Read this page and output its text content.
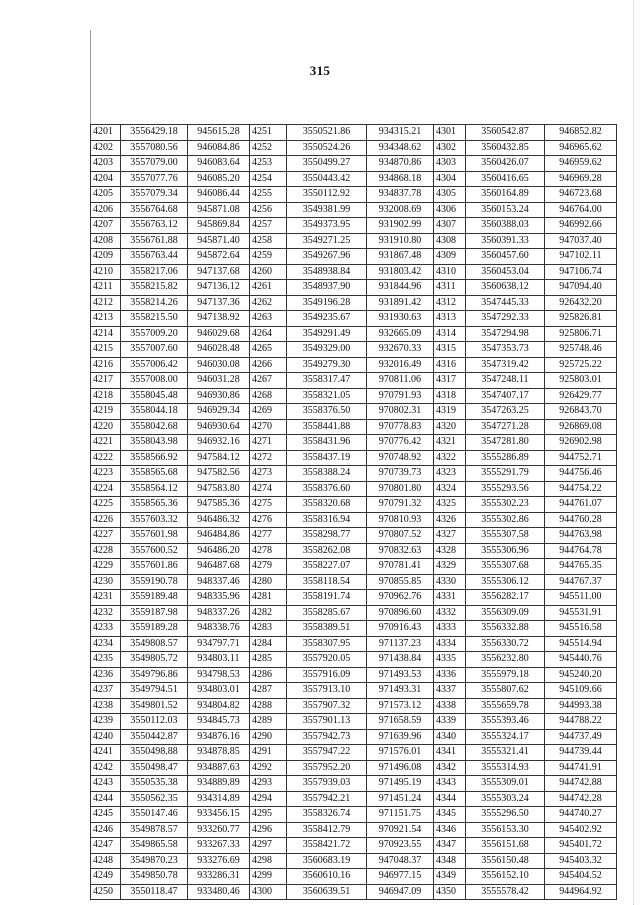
315
4201	3556429.18	945615.28	4251	3550521.86	934315.21	4301	3560542.87	946852.82
4202	3557080.56	946084.86	4252	3550524.26	934348.62	4302	3560432.85	946965.62
4203	3557079.00	946083.64	4253	3550499.27	934870.86	4303	3560426.07	946959.62
4204	3557077.76	946085.20	4254	3550443.42	934868.18	4304	3560416.65	946969.28
4205	3557079.34	946086.44	4255	3550112.92	934837.78	4305	3560164.89	946723.68
4206	3556764.68	945871.08	4256	3549381.99	932008.69	4306	3560153.24	946764.00
4207	3556763.12	945869.84	4257	3549373.95	931902.99	4307	3560388.03	946992.66
4208	3556761.88	945871.40	4258	3549271.25	931910.80	4308	3560391.33	947037.40
4209	3556763.44	945872.64	4259	3549267.96	931867.48	4309	3560457.60	947102.11
4210	3558217.06	947137.68	4260	3548938.84	931803.42	4310	3560453.04	947106.74
4211	3558215.82	947136.12	4261	3548937.90	931844.96	4311	3560638.12	947094.40
4212	3558214.26	947137.36	4262	3549196.28	931891.42	4312	3547445.33	926432.20
4213	3558215.50	947138.92	4263	3549235.67	931930.63	4313	3547292.33	925826.81
4214	3557009.20	946029.68	4264	3549291.49	932665.09	4314	3547294.98	925806.71
4215	3557007.60	946028.48	4265	3549329.00	932670.33	4315	3547353.73	925748.46
4216	3557006.42	946030.08	4266	3549279.30	932016.49	4316	3547319.42	925725.22
4217	3557008.00	946031.28	4267	3558317.47	970811.06	4317	3547248.11	925803.01
4218	3558045.48	946930.86	4268	3558321.05	970791.93	4318	3547407.17	926429.77
4219	3558044.18	946929.34	4269	3558376.50	970802.31	4319	3547263.25	926843.70
4220	3558042.68	946930.64	4270	3558441.88	970778.83	4320	3547271.28	926869.08
4221	3558043.98	946932.16	4271	3558431.96	970776.42	4321	3547281.80	926902.98
4222	3558566.92	947584.12	4272	3558437.19	970748.92	4322	3555286.89	944752.71
4223	3558565.68	947582.56	4273	3558388.24	970739.73	4323	3555291.79	944756.46
4224	3558564.12	947583.80	4274	3558376.60	970801.80	4324	3555293.56	944754.22
4225	3558565.36	947585.36	4275	3558320.68	970791.32	4325	3555302.23	944761.07
4226	3557603.32	946486.32	4276	3558316.94	970810.93	4326	3555302.86	944760.28
4227	3557601.98	946484.86	4277	3558298.77	970807.52	4327	3555307.58	944763.98
4228	3557600.52	946486.20	4278	3558262.08	970832.63	4328	3555306.96	944764.78
4229	3557601.86	946487.68	4279	3558227.07	970781.41	4329	3555307.68	944765.35
4230	3559190.78	948337.46	4280	3558118.54	970855.85	4330	3555306.12	944767.37
4231	3559189.48	948335.96	4281	3558191.74	970962.76	4331	3556282.17	945511.00
4232	3559187.98	948337.26	4282	3558285.67	970896.60	4332	3556309.09	945531.91
4233	3559189.28	948338.76	4283	3558389.51	970916.43	4333	3556332.88	945516.58
4234	3549808.57	934797.71	4284	3558307.95	971137.23	4334	3556330.72	945514.94
4235	3549805.72	934803.11	4285	3557920.05	971438.84	4335	3556232.80	945440.76
4236	3549796.86	934798.53	4286	3557916.09	971493.53	4336	3555979.18	945240.20
4237	3549794.51	934803.01	4287	3557913.10	971493.31	4337	3555807.62	945109.66
4238	3549801.52	934804.82	4288	3557907.32	971573.12	4338	3555659.78	944993.38
4239	3550112.03	934845.73	4289	3557901.13	971658.59	4339	3555393.46	944788.22
4240	3550442.87	934876.16	4290	3557942.73	971639.96	4340	3555324.17	944737.49
4241	3550498.88	934878.85	4291	3557947.22	971576.01	4341	3555321.41	944739.44
4242	3550498.47	934887.63	4292	3557952.20	971496.08	4342	3555314.93	944741.91
4243	3550535.38	934889.89	4293	3557939.03	971495.19	4343	3555309.01	944742.88
4244	3550562.35	934314.89	4294	3557942.21	971451.24	4344	3555303.24	944742.28
4245	3550147.46	933456.15	4295	3558326.74	971151.75	4345	3555296.50	944740.27
4246	3549878.57	933260.77	4296	3558412.79	970921.54	4346	3556153.30	945402.92
4247	3549865.58	933267.33	4297	3558421.72	970923.55	4347	3556151.68	945401.72
4248	3549870.23	933276.69	4298	3560683.19	947048.37	4348	3556150.48	945403.32
4249	3549850.78	933286.31	4299	3560610.16	946977.15	4349	3556152.10	945404.52
4250	3550118.47	933480.46	4300	3560639.51	946947.09	4350	3555578.42	944964.92
